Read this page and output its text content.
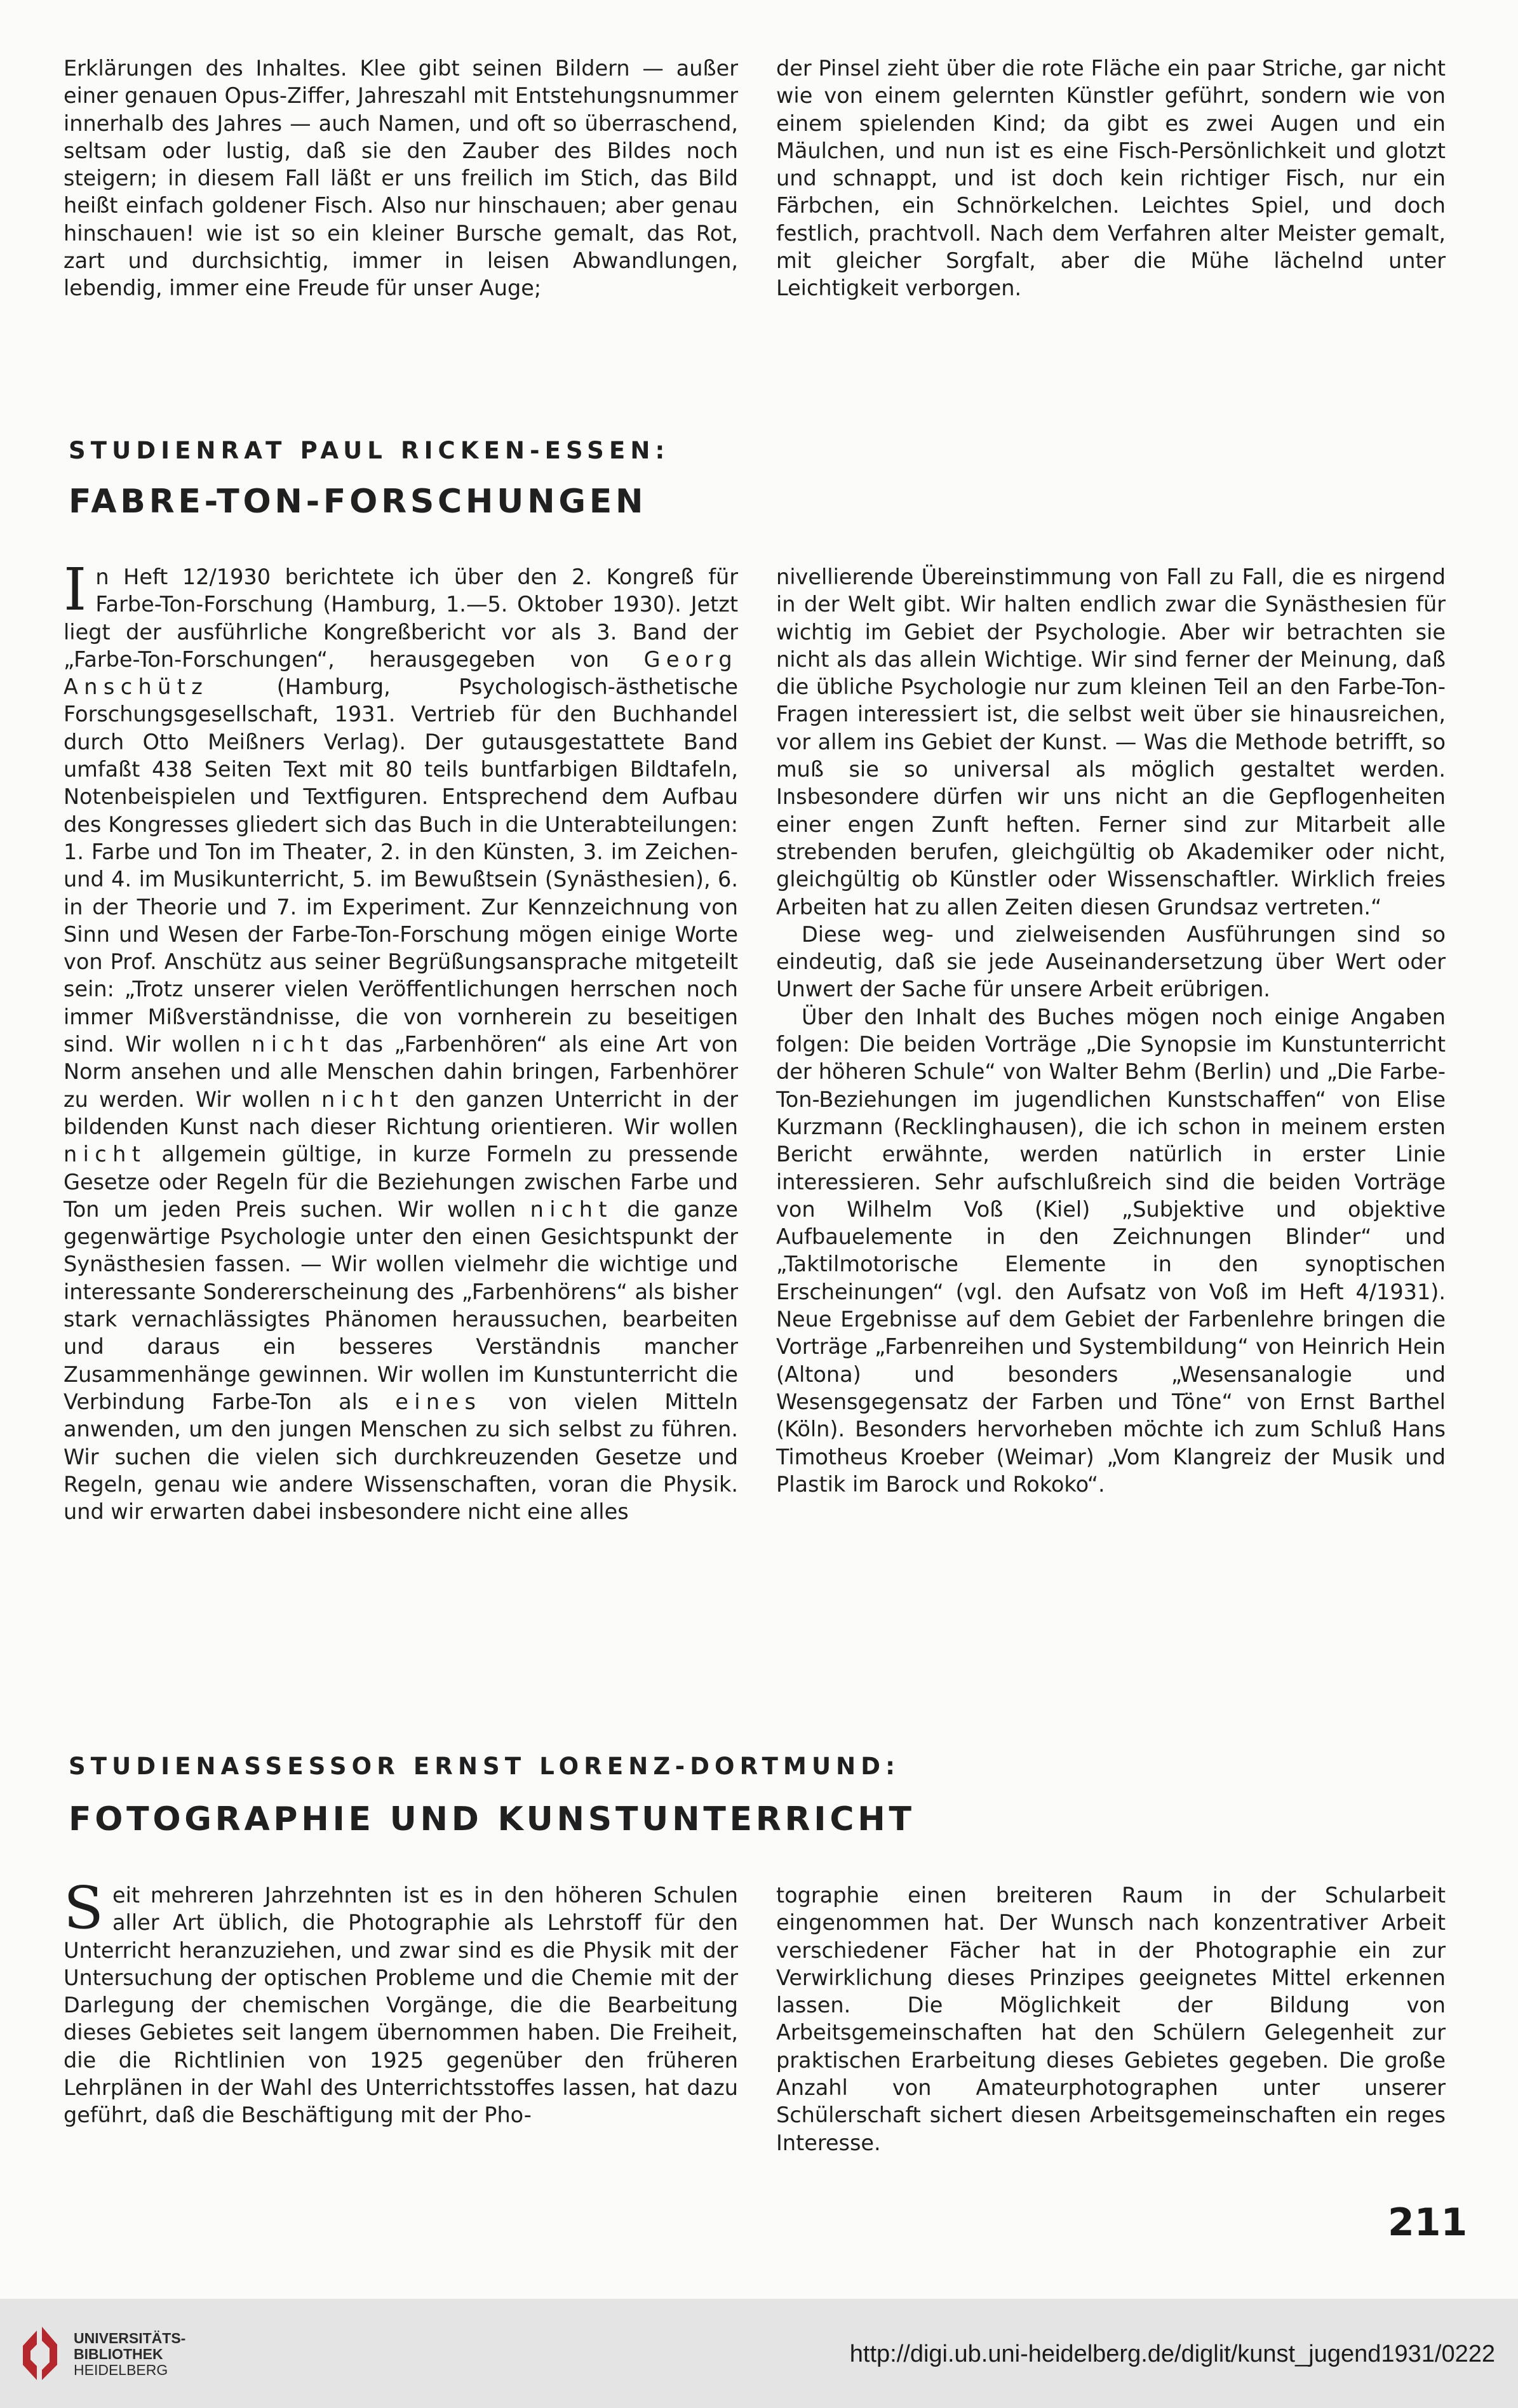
Erklärungen des Inhaltes. Klee gibt seinen Bildern — außer einer genauen Opus-Ziffer, Jahreszahl mit Entstehungsnummer innerhalb des Jahres — auch Namen, und oft so überraschend, seltsam oder lustig, daß sie den Zauber des Bildes noch steigern; in diesem Fall läßt er uns freilich im Stich, das Bild heißt einfach goldener Fisch. Also nur hinschauen; aber genau hinschauen! wie ist so ein kleiner Bursche gemalt, das Rot, zart und durchsichtig, immer in leisen Abwandlungen, lebendig, immer eine Freude für unser Auge;

der Pinsel zieht über die rote Fläche ein paar Striche, gar nicht wie von einem gelernten Künstler geführt, sondern wie von einem spielenden Kind; da gibt es zwei Augen und ein Mäulchen, und nun ist es eine Fisch-Persönlichkeit und glotzt und schnappt, und ist doch kein richtiger Fisch, nur ein Färbchen, ein Schnörkelchen. Leichtes Spiel, und doch festlich, prachtvoll. Nach dem Verfahren alter Meister gemalt, mit gleicher Sorgfalt, aber die Mühe lächelnd unter Leichtigkeit verborgen.

STUDIENRAT PAUL RICKEN-ESSEN:
FABRE-TON-FORSCHUNGEN

In Heft 12/1930 berichtete ich über den 2. Kongreß für Farbe-Ton-Forschung (Hamburg, 1.—5. Oktober 1930). Jetzt liegt der ausführliche Kongreßbericht vor als 3. Band der „Farbe-Ton-Forschungen“, herausgegeben von Georg Anschütz (Hamburg, Psychologisch-ästhetische Forschungsgesellschaft, 1931. Vertrieb für den Buchhandel durch Otto Meißners Verlag). Der gutausgestattete Band umfaßt 438 Seiten Text mit 80 teils buntfarbigen Bildtafeln, Notenbeispielen und Textfiguren. Entsprechend dem Aufbau des Kongresses gliedert sich das Buch in die Unterabteilungen: 1. Farbe und Ton im Theater, 2. in den Künsten, 3. im Zeichen- und 4. im Musikunterricht, 5. im Bewußtsein (Synästhesien), 6. in der Theorie und 7. im Experiment. Zur Kennzeichnung von Sinn und Wesen der Farbe-Ton-Forschung mögen einige Worte von Prof. Anschütz aus seiner Begrüßungsansprache mitgeteilt sein: „Trotz unserer vielen Veröffentlichungen herrschen noch immer Mißverständnisse, die von vornherein zu beseitigen sind. Wir wollen nicht das „Farbenhören“ als eine Art von Norm ansehen und alle Menschen dahin bringen, Farbenhörer zu werden. Wir wollen nicht den ganzen Unterricht in der bildenden Kunst nach dieser Richtung orientieren. Wir wollen nicht allgemein gültige, in kurze Formeln zu pressende Gesetze oder Regeln für die Beziehungen zwischen Farbe und Ton um jeden Preis suchen. Wir wollen nicht die ganze gegenwärtige Psychologie unter den einen Gesichtspunkt der Synästhesien fassen. — Wir wollen vielmehr die wichtige und interessante Sondererscheinung des „Farbenhörens“ als bisher stark vernachlässigtes Phänomen heraussuchen, bearbeiten und daraus ein besseres Verständnis mancher Zusammenhänge gewinnen. Wir wollen im Kunstunterricht die Verbindung Farbe-Ton als eines von vielen Mitteln anwenden, um den jungen Menschen zu sich selbst zu führen. Wir suchen die vielen sich durchkreuzenden Gesetze und Regeln, genau wie andere Wissenschaften, voran die Physik. und wir erwarten dabei insbesondere nicht eine alles

nivellierende Übereinstimmung von Fall zu Fall, die es nirgend in der Welt gibt. Wir halten endlich zwar die Synästhesien für wichtig im Gebiet der Psychologie. Aber wir betrachten sie nicht als das allein Wichtige. Wir sind ferner der Meinung, daß die übliche Psychologie nur zum kleinen Teil an den Farbe-Ton-Fragen interessiert ist, die selbst weit über sie hinausreichen, vor allem ins Gebiet der Kunst. — Was die Methode betrifft, so muß sie so universal als möglich gestaltet werden. Insbesondere dürfen wir uns nicht an die Gepflogenheiten einer engen Zunft heften. Ferner sind zur Mitarbeit alle strebenden berufen, gleichgültig ob Akademiker oder nicht, gleichgültig ob Künstler oder Wissenschaftler. Wirklich freies Arbeiten hat zu allen Zeiten diesen Grundsaz vertreten.“

Diese weg- und zielweisenden Ausführungen sind so eindeutig, daß sie jede Auseinandersetzung über Wert oder Unwert der Sache für unsere Arbeit erübrigen.

Über den Inhalt des Buches mögen noch einige Angaben folgen: Die beiden Vorträge „Die Synopsie im Kunstunterricht der höheren Schule“ von Walter Behm (Berlin) und „Die Farbe-Ton-Beziehungen im jugendlichen Kunstschaffen“ von Elise Kurzmann (Recklinghausen), die ich schon in meinem ersten Bericht erwähnte, werden natürlich in erster Linie interessieren. Sehr aufschlußreich sind die beiden Vorträge von Wilhelm Voß (Kiel) „Subjektive und objektive Aufbauelemente in den Zeichnungen Blinder“ und „Taktilmotorische Elemente in den synoptischen Erscheinungen“ (vgl. den Aufsatz von Voß im Heft 4/1931). Neue Ergebnisse auf dem Gebiet der Farbenlehre bringen die Vorträge „Farbenreihen und Systembildung“ von Heinrich Hein (Altona) und besonders „Wesensanalogie und Wesensgegensatz der Farben und Töne“ von Ernst Barthel (Köln). Besonders hervorheben möchte ich zum Schluß Hans Timotheus Kroeber (Weimar) „Vom Klangreiz der Musik und Plastik im Barock und Rokoko“.

STUDIENASSESSOR ERNST LORENZ-DORTMUND:
FOTOGRAPHIE UND KUNSTUNTERRICHT

Seit mehreren Jahrzehnten ist es in den höheren Schulen aller Art üblich, die Photographie als Lehrstoff für den Unterricht heranzuziehen, und zwar sind es die Physik mit der Untersuchung der optischen Probleme und die Chemie mit der Darlegung der chemischen Vorgänge, die die Bearbeitung dieses Gebietes seit langem übernommen haben. Die Freiheit, die die Richtlinien von 1925 gegenüber den früheren Lehrplänen in der Wahl des Unterrichtsstoffes lassen, hat dazu geführt, daß die Beschäftigung mit der Pho-

tographie einen breiteren Raum in der Schularbeit eingenommen hat. Der Wunsch nach konzentrativer Arbeit verschiedener Fächer hat in der Photographie ein zur Verwirklichung dieses Prinzipes geeignetes Mittel erkennen lassen. Die Möglichkeit der Bildung von Arbeitsgemeinschaften hat den Schülern Gelegenheit zur praktischen Erarbeitung dieses Gebietes gegeben. Die große Anzahl von Amateurphotographen unter unserer Schülerschaft sichert diesen Arbeitsgemeinschaften ein reges Interesse.

211
UNIVERSITÄTS-
BIBLIOTHEK
HEIDELBERG
http://digi.ub.uni-heidelberg.de/diglit/kunst_jugend1931/0222
